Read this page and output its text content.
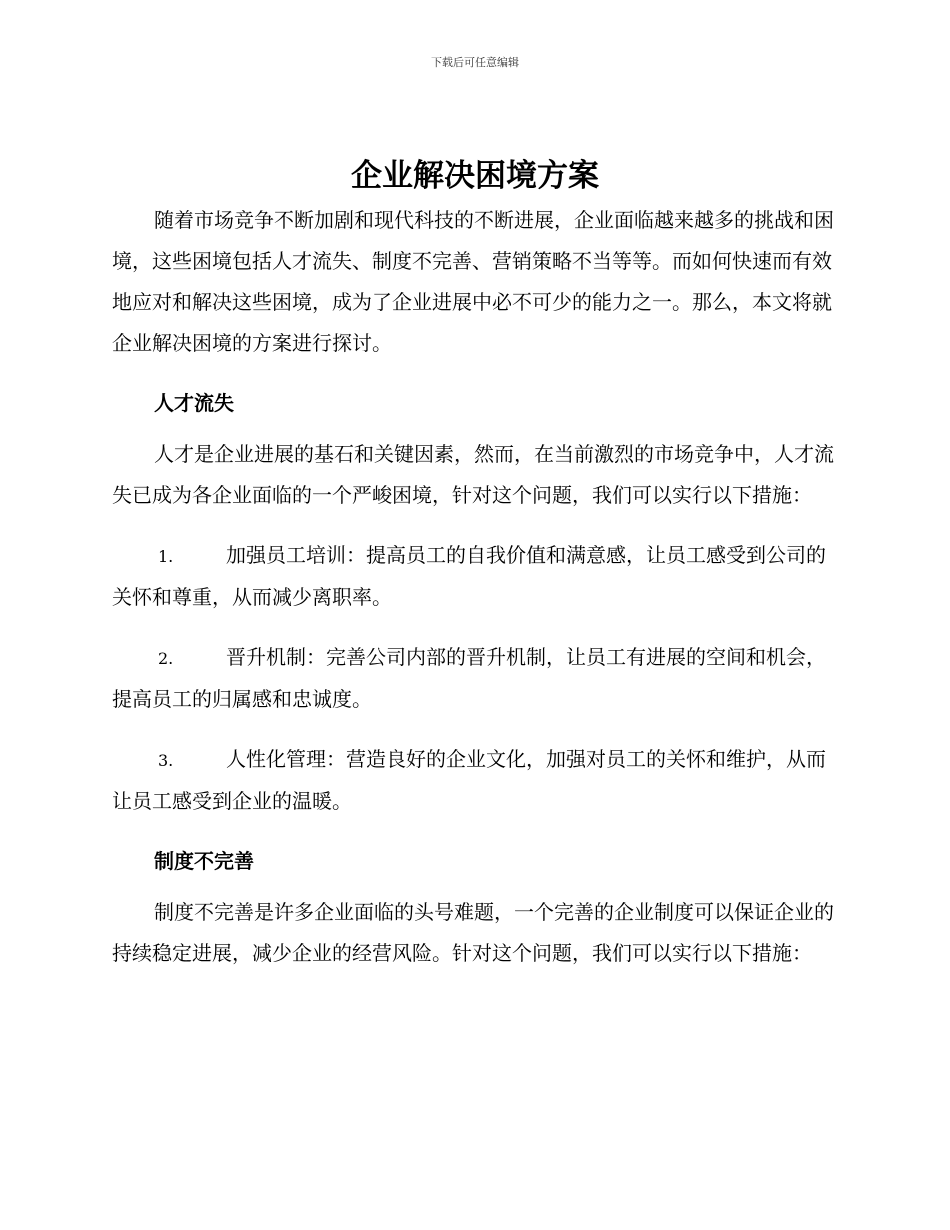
下载后可任意编辑
企业解决困境方案

随着市场竞争不断加剧和现代科技的不断进展，企业面临越来越多的挑战和困境，这些困境包括人才流失、制度不完善、营销策略不当等等。而如何快速而有效地应对和解决这些困境，成为了企业进展中必不可少的能力之一。那么，本文将就企业解决困境的方案进行探讨。

人才流失

人才是企业进展的基石和关键因素，然而，在当前激烈的市场竞争中，人才流失已成为各企业面临的一个严峻困境，针对这个问题，我们可以实行以下措施：

1.	加强员工培训：提高员工的自我价值和满意感，让员工感受到公司的关怀和尊重，从而减少离职率。

2.	晋升机制：完善公司内部的晋升机制，让员工有进展的空间和机会，提高员工的归属感和忠诚度。

3.	人性化管理：营造良好的企业文化，加强对员工的关怀和维护，从而让员工感受到企业的温暖。

制度不完善

制度不完善是许多企业面临的头号难题，一个完善的企业制度可以保证企业的持续稳定进展，减少企业的经营风险。针对这个问题，我们可以实行以下措施：
